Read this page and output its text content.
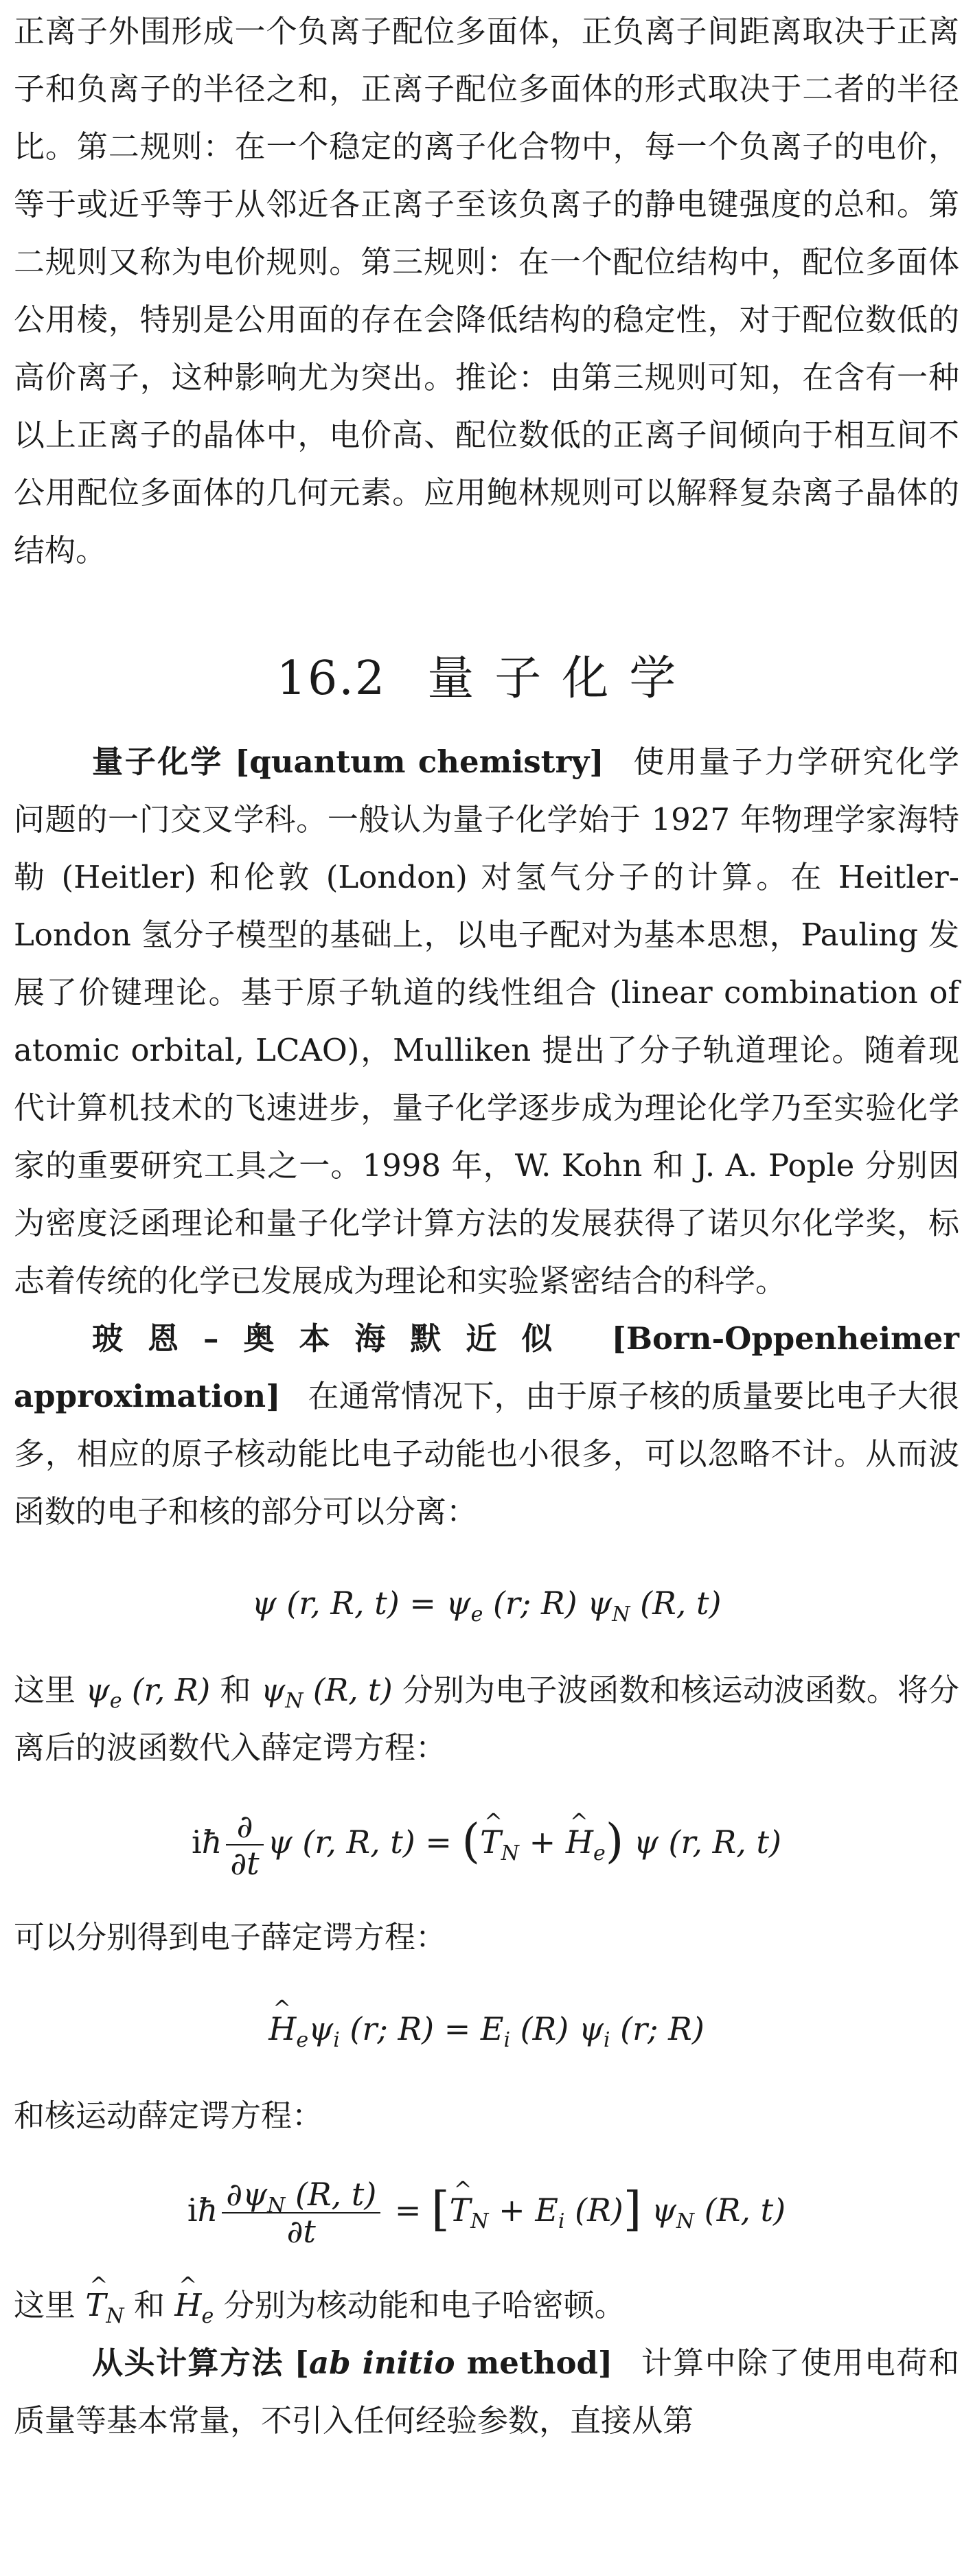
正离子外围形成一个负离子配位多面体，正负离子间距离取决于正离子和负离子的半径之和，正离子配位多面体的形式取决于二者的半径比。第二规则：在一个稳定的离子化合物中，每一个负离子的电价，等于或近乎等于从邻近各正离子至该负离子的静电键强度的总和。第二规则又称为电价规则。第三规则：在一个配位结构中，配位多面体公用棱，特别是公用面的存在会降低结构的稳定性，对于配位数低的高价离子，这种影响尤为突出。推论：由第三规则可知，在含有一种以上正离子的晶体中，电价高、配位数低的正离子间倾向于相互间不公用配位多面体的几何元素。应用鲍林规则可以解释复杂离子晶体的结构。

16.2 量子化学

量子化学 [quantum chemistry] 使用量子力学研究化学问题的一门交叉学科。一般认为量子化学始于 1927 年物理学家海特勒 (Heitler) 和伦敦 (London) 对氢气分子的计算。在 Heitler-London 氢分子模型的基础上，以电子配对为基本思想，Pauling 发展了价键理论。基于原子轨道的线性组合 (linear combination of atomic orbital, LCAO)，Mulliken 提出了分子轨道理论。随着现代计算机技术的飞速进步，量子化学逐步成为理论化学乃至实验化学家的重要研究工具之一。1998 年，W. Kohn 和 J. A. Pople 分别因为密度泛函理论和量子化学计算方法的发展获得了诺贝尔化学奖，标志着传统的化学已发展成为理论和实验紧密结合的科学。

玻恩–奥本海默近似 [Born-Oppenheimer approximation] 在通常情况下，由于原子核的质量要比电子大很多，相应的原子核动能比电子动能也小很多，可以忽略不计。从而波函数的电子和核的部分可以分离：

ψ (r, R, $t) = \psi_e$ (r; R) $\psi_N$ (R, t)

这里 $\psi_e$ (r, R) 和 $\psi_N$ (R, t) 分别为电子波函数和核运动波函数。将分离后的波函数代入薛定谔方程：

iħ $\frac{\partial}{\partial t}$ ψ (r, R, t) = (^ $T_N$ + ^ $H_e$) ψ (r, R, t)

可以分别得到电子薛定谔方程：

^ $H_e\psi_i$ (r; $R) = E_i$ (R) $\psi_i$ (r; R)

和核运动薛定谔方程：

iħ $\frac{\partial\psi_N (R, t)}{\partial t}$ = [^ $T_N + E_i$ (R)] $\psi_N$ (R, t)

这里 ^ $T_N$ 和 ^ $H_e$ 分别为核动能和电子哈密顿。

从头计算方法 [ab initio method] 计算中除了使用电荷和质量等基本常量，不引入任何经验参数，直接从第
